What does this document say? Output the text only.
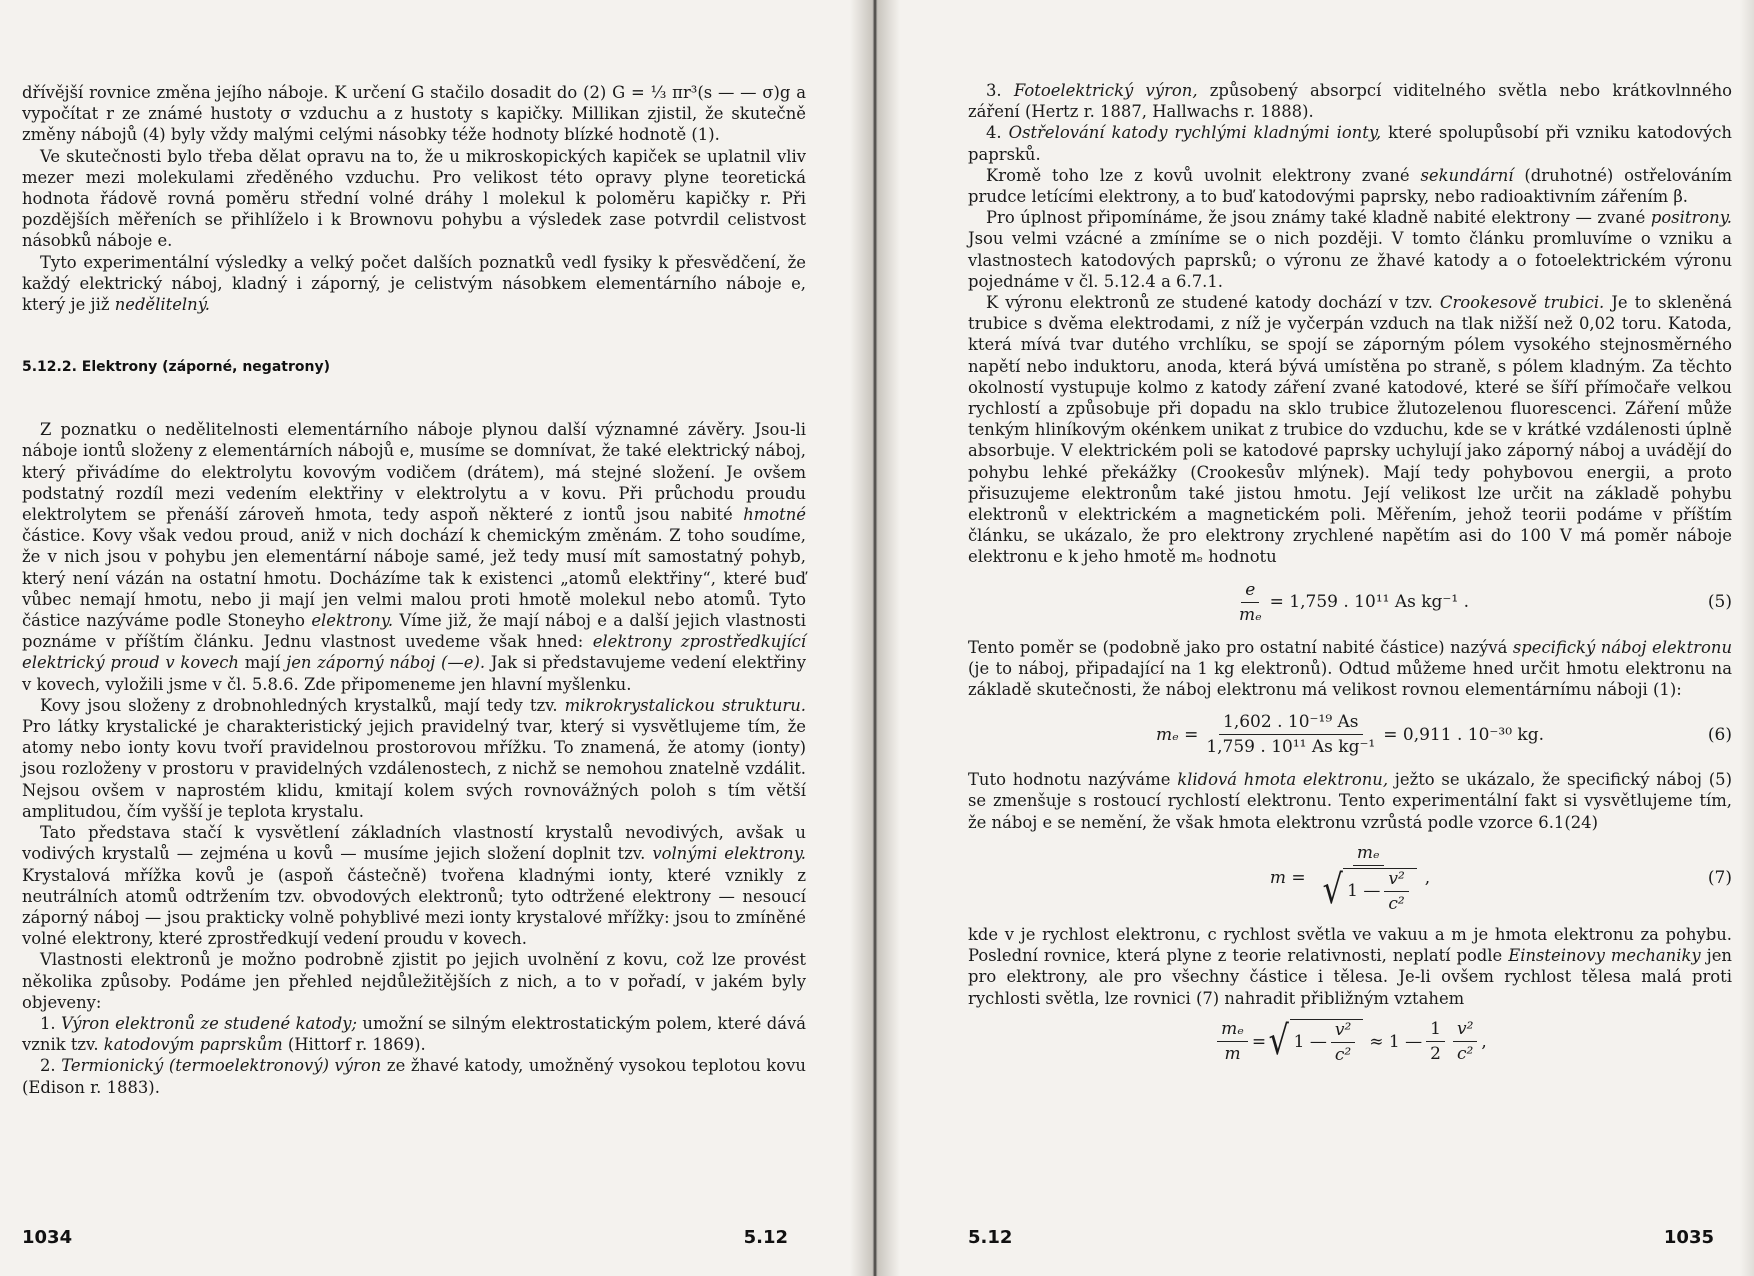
dřívější rovnice změna jejího náboje. K určení G stačilo dosadit do (2) G = ⅓ πr³(s — — σ)g a vypočítat r ze známé hustoty σ vzduchu a z hustoty s kapičky. Millikan zjistil, že skutečně změny nábojů (4) byly vždy malými celými násobky téže hodnoty blízké hodnotě (1).

Ve skutečnosti bylo třeba dělat opravu na to, že u mikroskopických kapiček se uplatnil vliv mezer mezi molekulami zředěného vzduchu. Pro velikost této opravy plyne teoretická hodnota řádově rovná poměru střední volné dráhy l molekul k poloměru kapičky r. Při pozdějších měřeních se přihlíželo i k Brownovu pohybu a výsledek zase potvrdil celistvost násobků náboje e.

Tyto experimentální výsledky a velký počet dalších poznatků vedl fysiky k přesvědčení, že každý elektrický náboj, kladný i záporný, je celistvým násobkem elementárního náboje e, který je již nedělitelný.

5.12.2. Elektrony (záporné, negatrony)

Z poznatku o nedělitelnosti elementárního náboje plynou další významné závěry. Jsou-li náboje iontů složeny z elementárních nábojů e, musíme se domnívat, že také elektrický náboj, který přivádíme do elektrolytu kovovým vodičem (drátem), má stejné složení. Je ovšem podstatný rozdíl mezi vedením elektřiny v elektrolytu a v kovu. Při průchodu proudu elektrolytem se přenáší zároveň hmota, tedy aspoň některé z iontů jsou nabité hmotné částice. Kovy však vedou proud, aniž v nich dochází k chemickým změnám. Z toho soudíme, že v nich jsou v pohybu jen elementární náboje samé, jež tedy musí mít samostatný pohyb, který není vázán na ostatní hmotu. Docházíme tak k existenci „atomů elektřiny“, které buď vůbec nemají hmotu, nebo ji mají jen velmi malou proti hmotě molekul nebo atomů. Tyto částice nazýváme podle Stoneyho elektrony. Víme již, že mají náboj e a další jejich vlastnosti poznáme v příštím článku. Jednu vlastnost uvedeme však hned: elektrony zprostředkující elektrický proud v kovech mají jen záporný náboj (—e). Jak si představujeme vedení elektřiny v kovech, vyložili jsme v čl. 5.8.6. Zde připomeneme jen hlavní myšlenku.

Kovy jsou složeny z drobnohledných krystalků, mají tedy tzv. mikrokrystalickou strukturu. Pro látky krystalické je charakteristický jejich pravidelný tvar, který si vysvětlujeme tím, že atomy nebo ionty kovu tvoří pravidelnou prostorovou mřížku. To znamená, že atomy (ionty) jsou rozloženy v prostoru v pravidelných vzdálenostech, z nichž se nemohou znatelně vzdálit. Nejsou ovšem v naprostém klidu, kmitají kolem svých rovnovážných poloh s tím větší amplitudou, čím vyšší je teplota krystalu.

Tato představa stačí k vysvětlení základních vlastností krystalů nevodivých, avšak u vodivých krystalů — zejména u kovů — musíme jejich složení doplnit tzv. volnými elektrony. Krystalová mřížka kovů je (aspoň částečně) tvořena kladnými ionty, které vznikly z neutrálních atomů odtržením tzv. obvodových elektronů; tyto odtržené elektrony — nesoucí záporný náboj — jsou prakticky volně pohyblivé mezi ionty krystalové mřížky: jsou to zmíněné volné elektrony, které zprostředkují vedení proudu v kovech.

Vlastnosti elektronů je možno podrobně zjistit po jejich uvolnění z kovu, což lze provést několika způsoby. Podáme jen přehled nejdůležitějších z nich, a to v pořadí, v jakém byly objeveny:

1. Výron elektronů ze studené katody; umožní se silným elektrostatickým polem, které dává vznik tzv. katodovým paprskům (Hittorf r. 1869).

2. Termionický (termoelektronový) výron ze žhavé katody, umožněný vysokou teplotou kovu (Edison r. 1883).

1034	5.12

3. Fotoelektrický výron, způsobený absorpcí viditelného světla nebo krátkovlnného záření (Hertz r. 1887, Hallwachs r. 1888).

4. Ostřelování katody rychlými kladnými ionty, které spolupůsobí při vzniku katodových paprsků.

Kromě toho lze z kovů uvolnit elektrony zvané sekundární (druhotné) ostřelováním prudce letícími elektrony, a to buď katodovými paprsky, nebo radioaktivním zářením β.

Pro úplnost připomínáme, že jsou známy také kladně nabité elektrony — zvané positrony. Jsou velmi vzácné a zmíníme se o nich později. V tomto článku promluvíme o vzniku a vlastnostech katodových paprsků; o výronu ze žhavé katody a o fotoelektrickém výronu pojednáme v čl. 5.12.4 a 6.7.1.

K výronu elektronů ze studené katody dochází v tzv. Crookesově trubici. Je to skleněná trubice s dvěma elektrodami, z níž je vyčerpán vzduch na tlak nižší než 0,02 toru. Katoda, která mívá tvar dutého vrchlíku, se spojí se záporným pólem vysokého stejnosměrného napětí nebo induktoru, anoda, která bývá umístěna po straně, s pólem kladným. Za těchto okolností vystupuje kolmo z katody záření zvané katodové, které se šíří přímočaře velkou rychlostí a způsobuje při dopadu na sklo trubice žlutozelenou fluorescenci. Záření může tenkým hliníkovým okénkem unikat z trubice do vzduchu, kde se v krátké vzdálenosti úplně absorbuje. V elektrickém poli se katodové paprsky uchylují jako záporný náboj a uvádějí do pohybu lehké překážky (Crookesův mlýnek). Mají tedy pohybovou energii, a proto přisuzujeme elektronům také jistou hmotu. Její velikost lze určit na základě pohybu elektronů v elektrickém a magnetickém poli. Měřením, jehož teorii podáme v příštím článku, se ukázalo, že pro elektrony zrychlené napětím asi do 100 V má poměr náboje elektronu e k jeho hmotě mₑ hodnotu

$\frac{e}{\text{mₑ}} = 1,759$ . 10¹¹ As kg⁻¹ .	(5)

Tento poměr se (podobně jako pro ostatní nabité částice) nazývá specifický náboj elektronu (je to náboj, připadající na 1 kg elektronů). Odtud můžeme hned určit hmotu elektronu na základě skutečnosti, že náboj elektronu má velikost rovnou elementárnímu náboji (1):

$m_e = \frac{\text{1,602 . 10⁻¹⁹ As}}{\text{1,759 . 10¹¹ As kg⁻¹}} = 0,911$ . 10⁻³⁰ kg.	(6)

Tuto hodnotu nazýváme klidová hmota elektronu, ježto se ukázalo, že specifický náboj (5) se zmenšuje s rostoucí rychlostí elektronu. Tento experimentální fakt si vysvětlujeme tím, že náboj e se nemění, že však hmota elektronu vzrůstá podle vzorce 6.1(24)

m =
mₑ
√ 1 — $\frac{\text{v²}}{\text{c²}}$ ,	(7)

kde v je rychlost elektronu, c rychlost světla ve vakuu a m je hmota elektronu za pohybu. Poslední rovnice, která plyne z teorie relativnosti, neplatí podle Einsteinovy mechaniky jen pro elektrony, ale pro všechny částice i tělesa. Je-li ovšem rychlost tělesa malá proti rychlosti světla, lze rovnici (7) nahradit přibližným vztahem

$\frac{\text{mₑ}}{m}$ = √ 1 — $\frac{\text{v²}}{\text{c²}} \approx 1$ — $\frac{1}{2} \frac{\text{v²}}{\text{c²}}$ ,
5.12	1035
